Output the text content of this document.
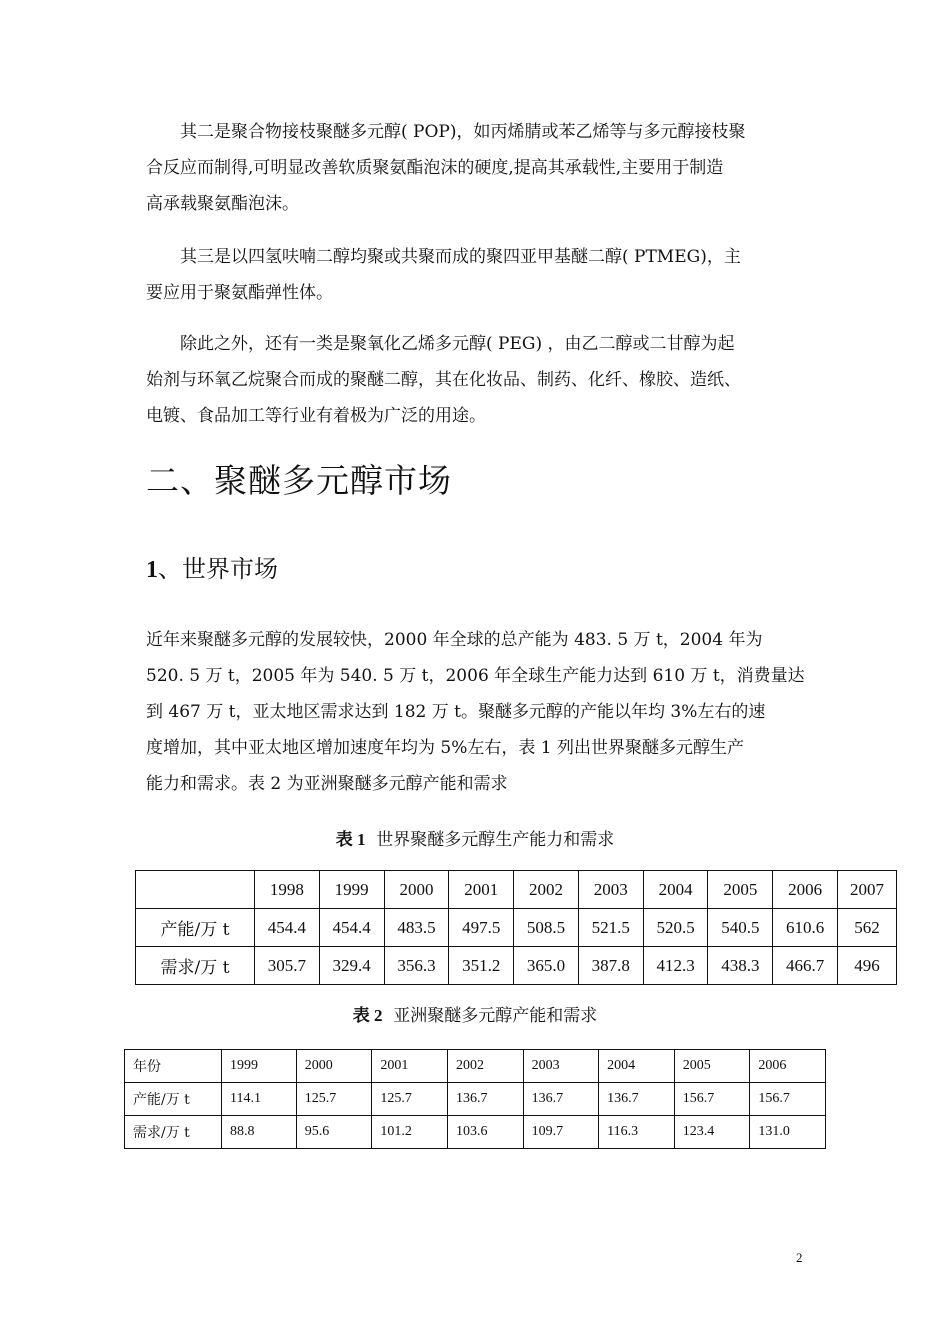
其二是聚合物接枝聚醚多元醇( POP)，如丙烯腈或苯乙烯等与多元醇接枝聚
合反应而制得,可明显改善软质聚氨酯泡沫的硬度,提高其承载性,主要用于制造
高承载聚氨酯泡沫。

其三是以四氢呋喃二醇均聚或共聚而成的聚四亚甲基醚二醇( PTMEG)，主
要应用于聚氨酯弹性体。

除此之外，还有一类是聚氧化乙烯多元醇( PEG) ，由乙二醇或二甘醇为起
始剂与环氧乙烷聚合而成的聚醚二醇，其在化妆品、制药、化纤、橡胶、造纸、
电镀、食品加工等行业有着极为广泛的用途。

二、聚醚多元醇市场
1、世界市场

近年来聚醚多元醇的发展较快，2000 年全球的总产能为 483. 5 万 t，2004 年为
520. 5 万 t，2005 年为 540. 5 万 t，2006 年全球生产能力达到 610 万 t，消费量达
到 467 万 t，亚太地区需求达到 182 万 t。聚醚多元醇的产能以年均 3%左右的速
度增加，其中亚太地区增加速度年均为 5%左右，表 1 列出世界聚醚多元醇生产
能力和需求。表 2 为亚洲聚醚多元醇产能和需求

表 1 世界聚醚多元醇生产能力和需求

	1998	1999	2000	2001	2002	2003	2004	2005	2006	2007
产能/万 t	454.4	454.4	483.5	497.5	508.5	521.5	520.5	540.5	610.6	562
需求/万 t	305.7	329.4	356.3	351.2	365.0	387.8	412.3	438.3	466.7	496

表 2 亚洲聚醚多元醇产能和需求

年份	1999	2000	2001	2002	2003	2004	2005	2006
产能/万 t	114.1	125.7	125.7	136.7	136.7	136.7	156.7	156.7
需求/万 t	88.8	95.6	101.2	103.6	109.7	116.3	123.4	131.0
2
